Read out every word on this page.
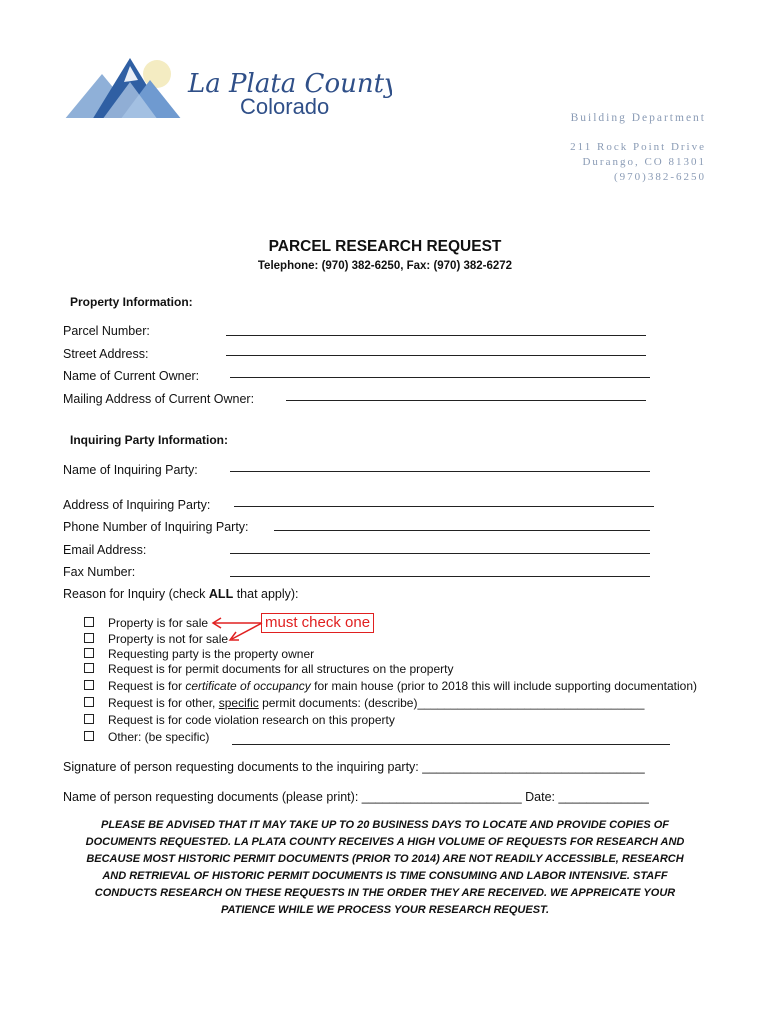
La Plata County
Colorado	Building Department
211 Rock Point Drive
Durango, CO 81301
(970)382-6250
PARCEL RESEARCH REQUEST
Telephone: (970) 382-6250, Fax: (970) 382-6272
Property Information:
Parcel Number:
Street Address:
Name of Current Owner:
Mailing Address of Current Owner:
Inquiring Party Information:
Name of Inquiring Party:
Address of Inquiring Party:
Phone Number of Inquiring Party:
Email Address:
Fax Number:
Reason for Inquiry (check ALL that apply):
Property is for sale
Property is not for sale
Requesting party is the property owner
Request is for permit documents for all structures on the property
Request is for certificate of occupancy for main house (prior to 2018 this will include supporting documentation)
Request is for other, specific permit documents: (describe)__________________________________
Request is for code violation research on this property
Other: (be specific)
must check one
Signature of person requesting documents to the inquiring party: ________________________________
Name of person requesting documents (please print): _______________________ Date: _____________
PLEASE BE ADVISED THAT IT MAY TAKE UP TO 20 BUSINESS DAYS TO LOCATE AND PROVIDE COPIES OF
DOCUMENTS REQUESTED. LA PLATA COUNTY RECEIVES A HIGH VOLUME OF REQUESTS FOR RESEARCH AND
BECAUSE MOST HISTORIC PERMIT DOCUMENTS (PRIOR TO 2014) ARE NOT READILY ACCESSIBLE, RESEARCH
AND RETRIEVAL OF HISTORIC PERMIT DOCUMENTS IS TIME CONSUMING AND LABOR INTENSIVE. STAFF
CONDUCTS RESEARCH ON THESE REQUESTS IN THE ORDER THEY ARE RECEIVED. WE APPREICATE YOUR
PATIENCE WHILE WE PROCESS YOUR RESEARCH REQUEST.
